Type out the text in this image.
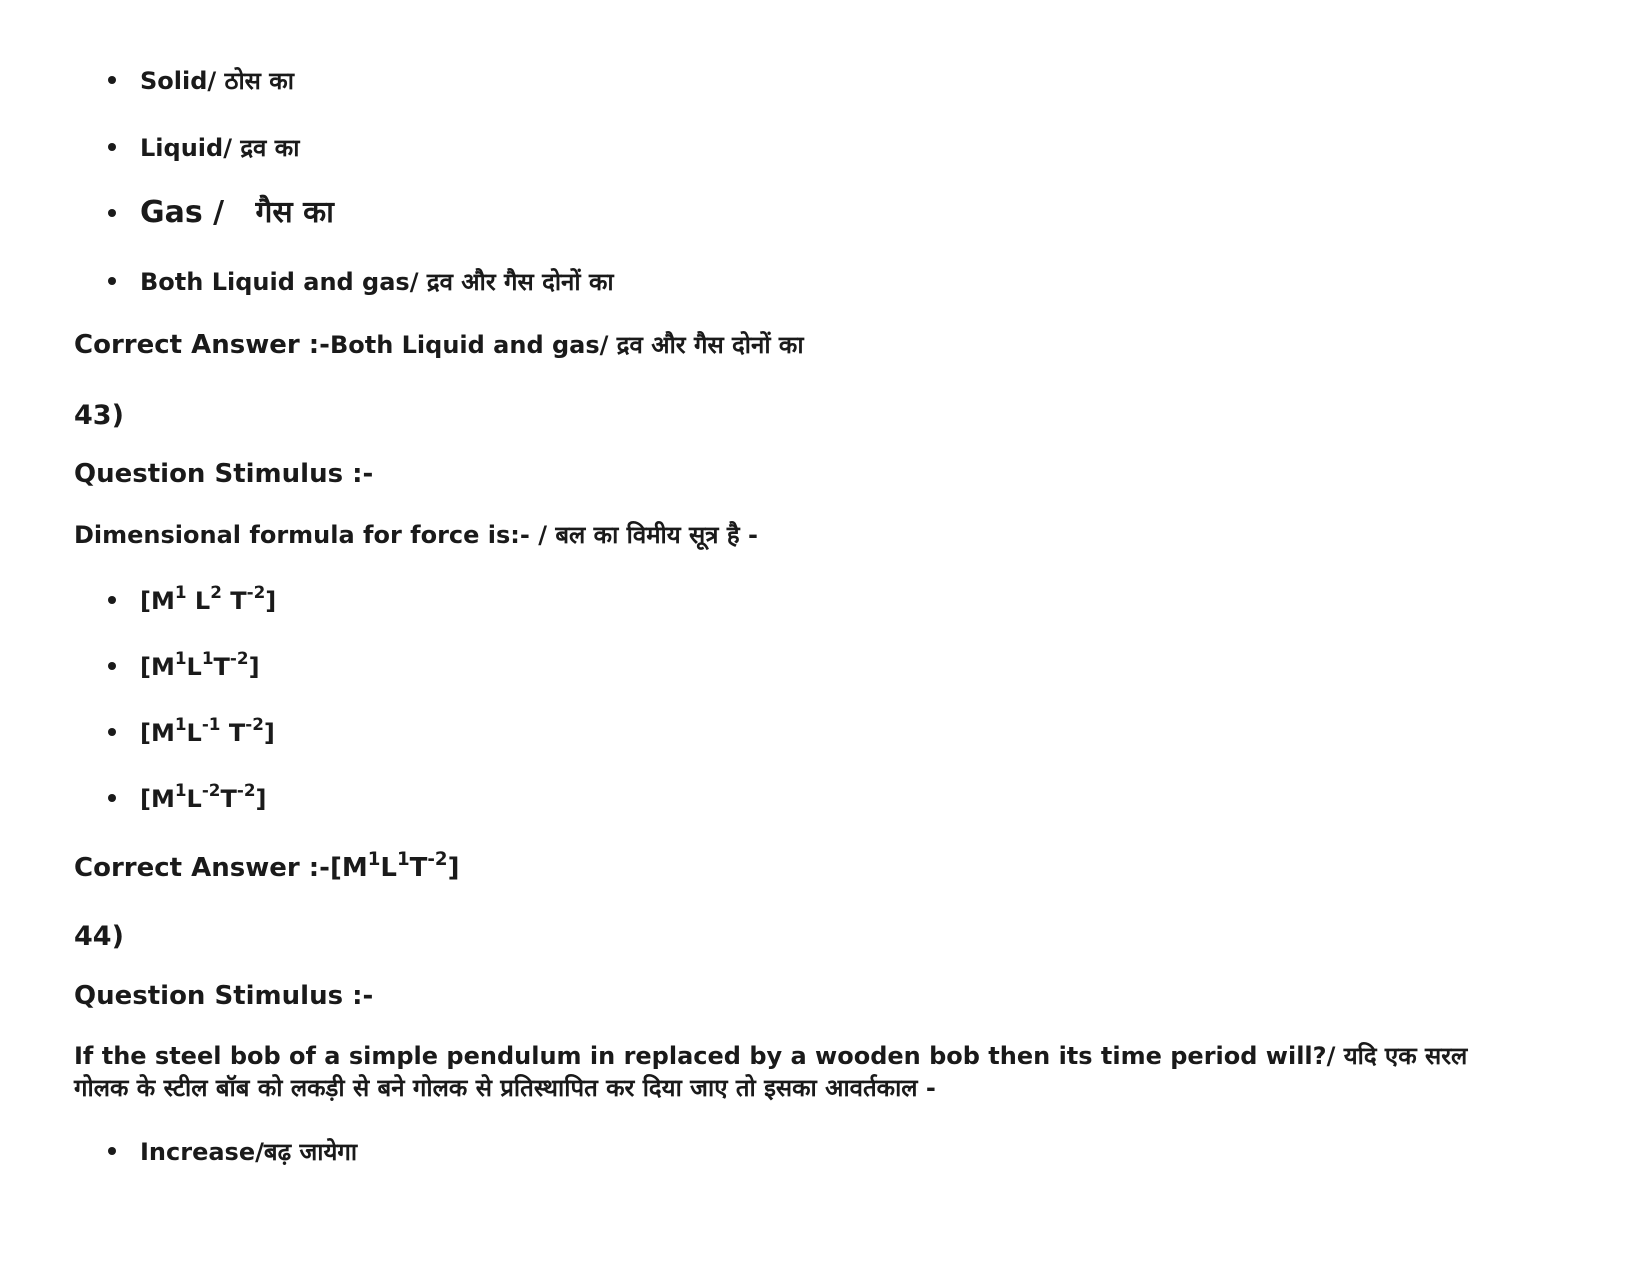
Solid/ ठोस का
Liquid/ द्रव का
Gas /   गैस का
Both Liquid and gas/ द्रव और गैस दोनों का
Correct Answer :-Both Liquid and gas/ द्रव और गैस दोनों का
43)
Question Stimulus :-
Dimensional formula for force is:- / बल का विमीय सूत्र है -
[$M^1$ $L^2$ $T^{-2}$]
$[M^1L^1T^{-2}]$
[$M^1L^{-1}$ $T^{-2}$]
$[M^1L^{-2}T^{-2}]$
Correct Answer $:-[M^1L^1T^{-2}]$
44)
Question Stimulus :-
If the steel bob of a simple pendulum in replaced by a wooden bob then its time period will?/ यदि एक सरल
गोलक के स्टील बॉब को लकड़ी से बने गोलक से प्रतिस्थापित कर दिया जाए तो इसका आवर्तकाल -
Increase/बढ़ जायेगा
